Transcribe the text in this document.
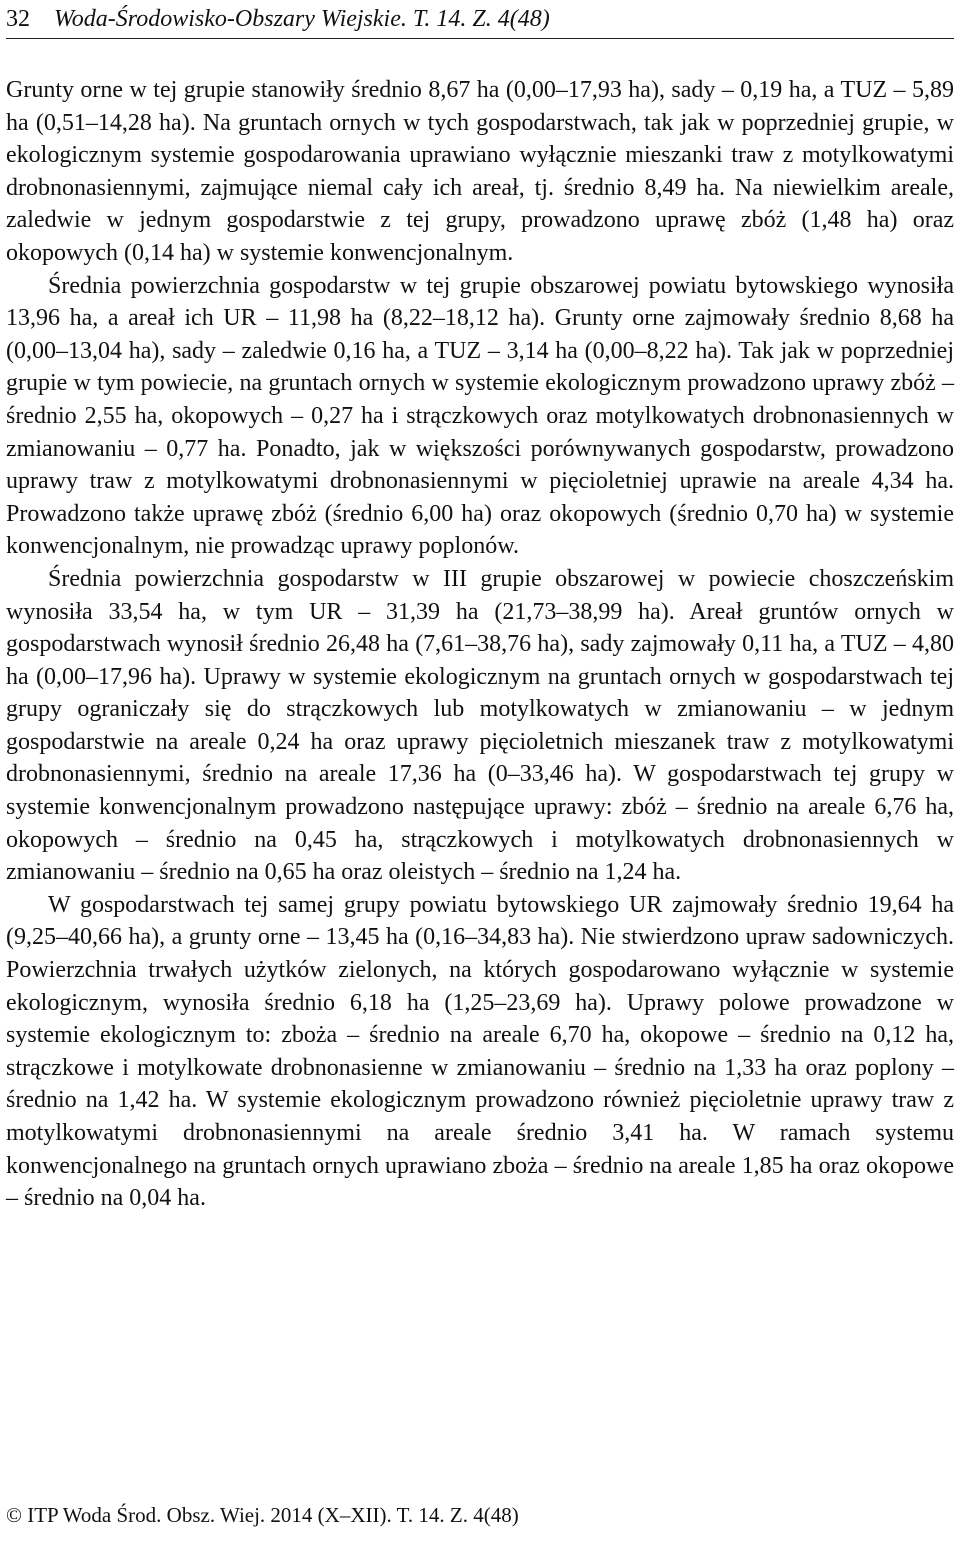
32 Woda-Środowisko-Obszary Wiejskie. T. 14. Z. 4(48)

Grunty orne w tej grupie stanowiły średnio 8,67 ha (0,00–17,93 ha), sady – 0,19 ha, a TUZ – 5,89 ha (0,51–14,28 ha). Na gruntach ornych w tych gospodarstwach, tak jak w poprzedniej grupie, w ekologicznym systemie gospodarowania uprawiano wyłącznie mieszanki traw z motylkowatymi drobnonasiennymi, zajmujące niemal cały ich areał, tj. średnio 8,49 ha. Na niewielkim areale, zaledwie w jednym gospodarstwie z tej grupy, prowadzono uprawę zbóż (1,48 ha) oraz okopowych (0,14 ha) w systemie konwencjonalnym.

Średnia powierzchnia gospodarstw w tej grupie obszarowej powiatu bytowskiego wynosiła 13,96 ha, a areał ich UR – 11,98 ha (8,22–18,12 ha). Grunty orne zajmowały średnio 8,68 ha (0,00–13,04 ha), sady – zaledwie 0,16 ha, a TUZ – 3,14 ha (0,00–8,22 ha). Tak jak w poprzedniej grupie w tym powiecie, na gruntach ornych w systemie ekologicznym prowadzono uprawy zbóż – średnio 2,55 ha, okopowych – 0,27 ha i strączkowych oraz motylkowatych drobnonasiennych w zmianowaniu – 0,77 ha. Ponadto, jak w większości porównywanych gospodarstw, prowadzono uprawy traw z motylkowatymi drobnonasiennymi w pięcioletniej uprawie na areale 4,34 ha. Prowadzono także uprawę zbóż (średnio 6,00 ha) oraz okopowych (średnio 0,70 ha) w systemie konwencjonalnym, nie prowadząc uprawy poplonów.

Średnia powierzchnia gospodarstw w III grupie obszarowej w powiecie choszczeńskim wynosiła 33,54 ha, w tym UR – 31,39 ha (21,73–38,99 ha). Areał gruntów ornych w gospodarstwach wynosił średnio 26,48 ha (7,61–38,76 ha), sady zajmowały 0,11 ha, a TUZ – 4,80 ha (0,00–17,96 ha). Uprawy w systemie ekologicznym na gruntach ornych w gospodarstwach tej grupy ograniczały się do strączkowych lub motylkowatych w zmianowaniu – w jednym gospodarstwie na areale 0,24 ha oraz uprawy pięcioletnich mieszanek traw z motylkowatymi drobnonasiennymi, średnio na areale 17,36 ha (0–33,46 ha). W gospodarstwach tej grupy w systemie konwencjonalnym prowadzono następujące uprawy: zbóż – średnio na areale 6,76 ha, okopowych – średnio na 0,45 ha, strączkowych i motylkowatych drobnonasiennych w zmianowaniu – średnio na 0,65 ha oraz oleistych – średnio na 1,24 ha.

W gospodarstwach tej samej grupy powiatu bytowskiego UR zajmowały średnio 19,64 ha (9,25–40,66 ha), a grunty orne – 13,45 ha (0,16–34,83 ha). Nie stwierdzono upraw sadowniczych. Powierzchnia trwałych użytków zielonych, na których gospodarowano wyłącznie w systemie ekologicznym, wynosiła średnio 6,18 ha (1,25–23,69 ha). Uprawy polowe prowadzone w systemie ekologicznym to: zboża – średnio na areale 6,70 ha, okopowe – średnio na 0,12 ha, strączkowe i motylkowate drobnonasienne w zmianowaniu – średnio na 1,33 ha oraz poplony – średnio na 1,42 ha. W systemie ekologicznym prowadzono również pięcioletnie uprawy traw z motylkowatymi drobnonasiennymi na areale średnio 3,41 ha. W ramach systemu konwencjonalnego na gruntach ornych uprawiano zboża – średnio na areale 1,85 ha oraz okopowe – średnio na 0,04 ha.

© ITP Woda Środ. Obsz. Wiej. 2014 (X–XII). T. 14. Z. 4(48)
